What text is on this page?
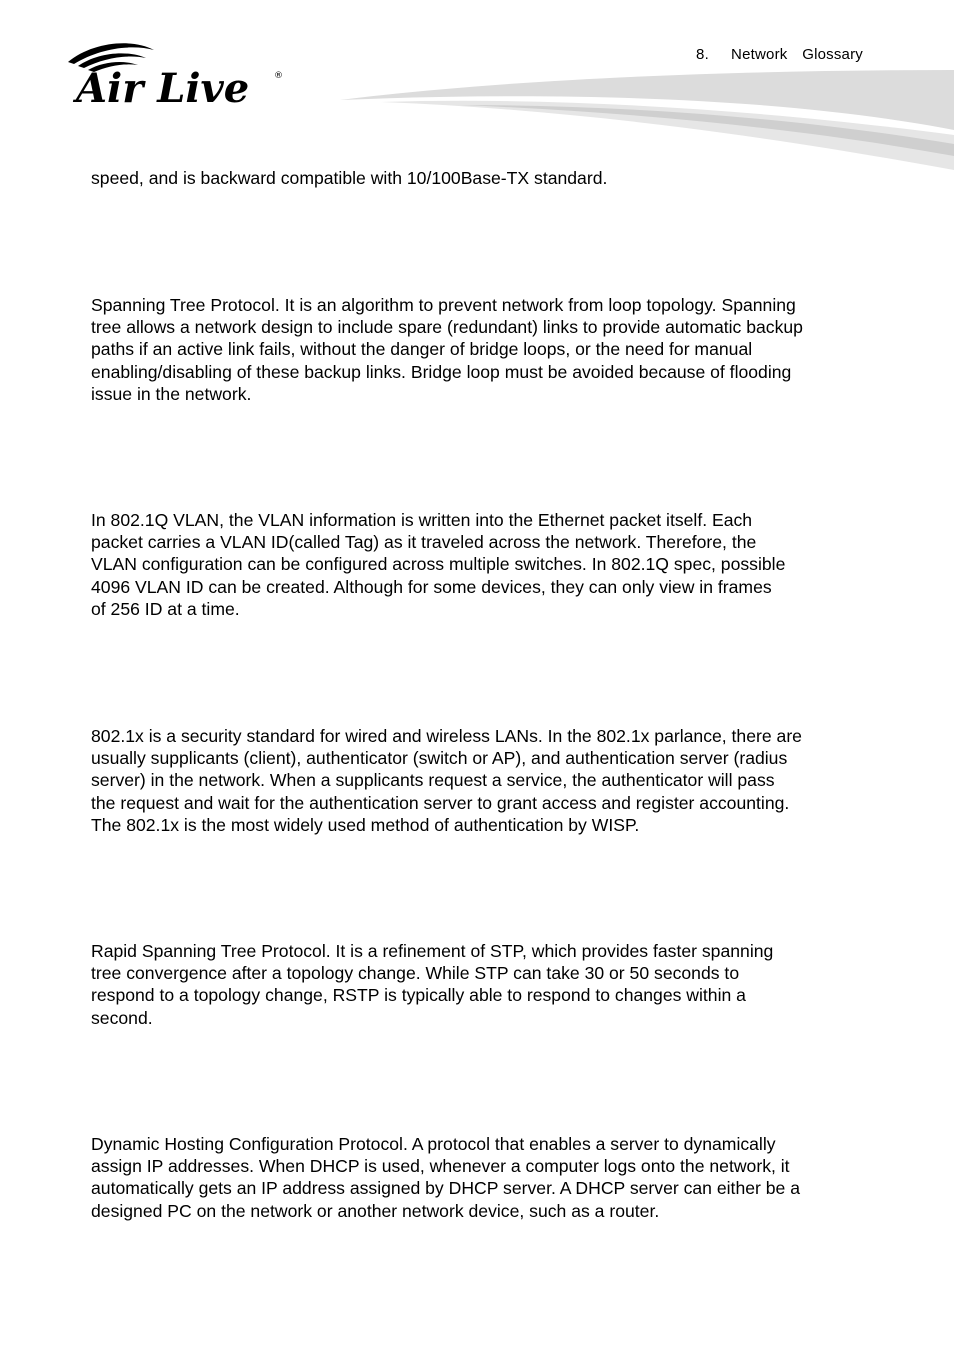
Air Live	®
8.   Network  Glossary

speed, and is backward compatible with 10/100Base-TX standard.

Spanning Tree Protocol. It is an algorithm to prevent network from loop topology. Spanning
tree allows a network design to include spare (redundant) links to provide automatic backup
paths if an active link fails, without the danger of bridge loops, or the need for manual
enabling/disabling of these backup links. Bridge loop must be avoided because of flooding
issue in the network.

In 802.1Q VLAN, the VLAN information is written into the Ethernet packet itself. Each
packet carries a VLAN ID(called Tag) as it traveled across the network. Therefore, the
VLAN configuration can be configured across multiple switches. In 802.1Q spec, possible
4096 VLAN ID can be created. Although for some devices, they can only view in frames
of 256 ID at a time.

802.1x is a security standard for wired and wireless LANs. In the 802.1x parlance, there are
usually supplicants (client), authenticator (switch or AP), and authentication server (radius
server) in the network. When a supplicants request a service, the authenticator will pass
the request and wait for the authentication server to grant access and register accounting.
The 802.1x is the most widely used method of authentication by WISP.

Rapid Spanning Tree Protocol. It is a refinement of STP, which provides faster spanning
tree convergence after a topology change. While STP can take 30 or 50 seconds to
respond to a topology change, RSTP is typically able to respond to changes within a
second.

Dynamic Hosting Configuration Protocol. A protocol that enables a server to dynamically
assign IP addresses. When DHCP is used, whenever a computer logs onto the network, it
automatically gets an IP address assigned by DHCP server. A DHCP server can either be a
designed PC on the network or another network device, such as a router.
